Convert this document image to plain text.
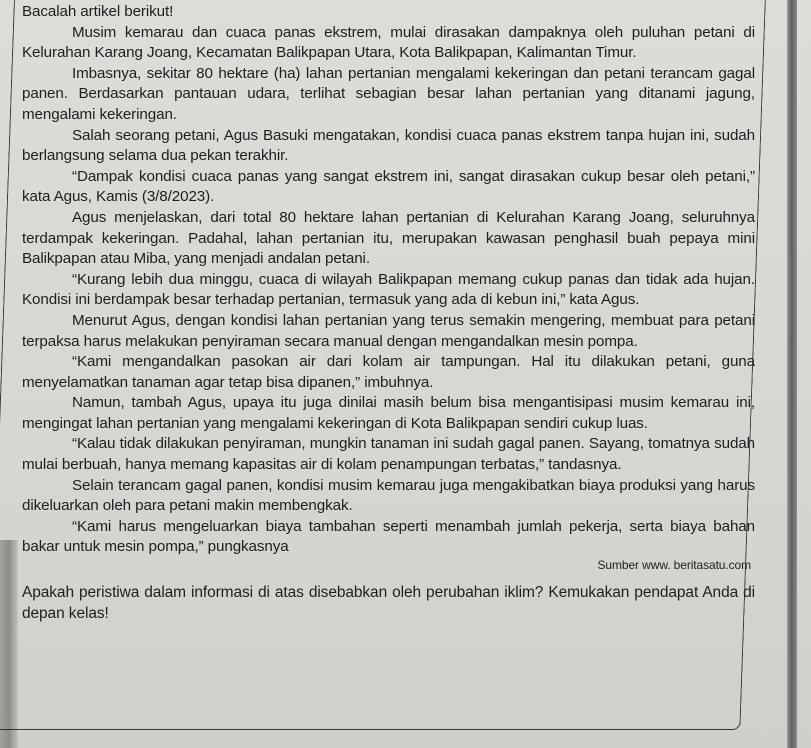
Bacalah artikel berikut!

Musim kemarau dan cuaca panas ekstrem, mulai dirasakan dampaknya oleh puluhan petani di Kelurahan Karang Joang, Kecamatan Balikpapan Utara, Kota Balikpapan, Kalimantan Timur.

Imbasnya, sekitar 80 hektare (ha) lahan pertanian mengalami kekeringan dan petani terancam gagal panen. Berdasarkan pantauan udara, terlihat sebagian besar lahan pertanian yang ditanami jagung, mengalami kekeringan.

Salah seorang petani, Agus Basuki mengatakan, kondisi cuaca panas ekstrem tanpa hujan ini, sudah berlangsung selama dua pekan terakhir.

“Dampak kondisi cuaca panas yang sangat ekstrem ini, sangat dirasakan cukup besar oleh petani,” kata Agus, Kamis (3/8/2023).

Agus menjelaskan, dari total 80 hektare lahan pertanian di Kelurahan Karang Joang, seluruhnya terdampak kekeringan. Padahal, lahan pertanian itu, merupakan kawasan penghasil buah pepaya mini Balikpapan atau Miba, yang menjadi andalan petani.

“Kurang lebih dua minggu, cuaca di wilayah Balikpapan memang cukup panas dan tidak ada hujan. Kondisi ini berdampak besar terhadap pertanian, termasuk yang ada di kebun ini,” kata Agus.

Menurut Agus, dengan kondisi lahan pertanian yang terus semakin mengering, membuat para petani terpaksa harus melakukan penyiraman secara manual dengan mengandalkan mesin pompa.

“Kami mengandalkan pasokan air dari kolam air tampungan. Hal itu dilakukan petani, guna menyelamatkan tanaman agar tetap bisa dipanen,” imbuhnya.

Namun, tambah Agus, upaya itu juga dinilai masih belum bisa mengantisipasi musim kemarau ini, mengingat lahan pertanian yang mengalami kekeringan di Kota Balikpapan sendiri cukup luas.

“Kalau tidak dilakukan penyiraman, mungkin tanaman ini sudah gagal panen. Sayang, tomatnya sudah mulai berbuah, hanya memang kapasitas air di kolam penampungan terbatas,” tandasnya.

Selain terancam gagal panen, kondisi musim kemarau juga mengakibatkan biaya produksi yang harus dikeluarkan oleh para petani makin membengkak.

“Kami harus mengeluarkan biaya tambahan seperti menambah jumlah pekerja, serta biaya bahan bakar untuk mesin pompa,” pungkasnya

Sumber www. beritasatu.com

Apakah peristiwa dalam informasi di atas disebabkan oleh perubahan iklim? Kemukakan pendapat Anda di depan kelas!
